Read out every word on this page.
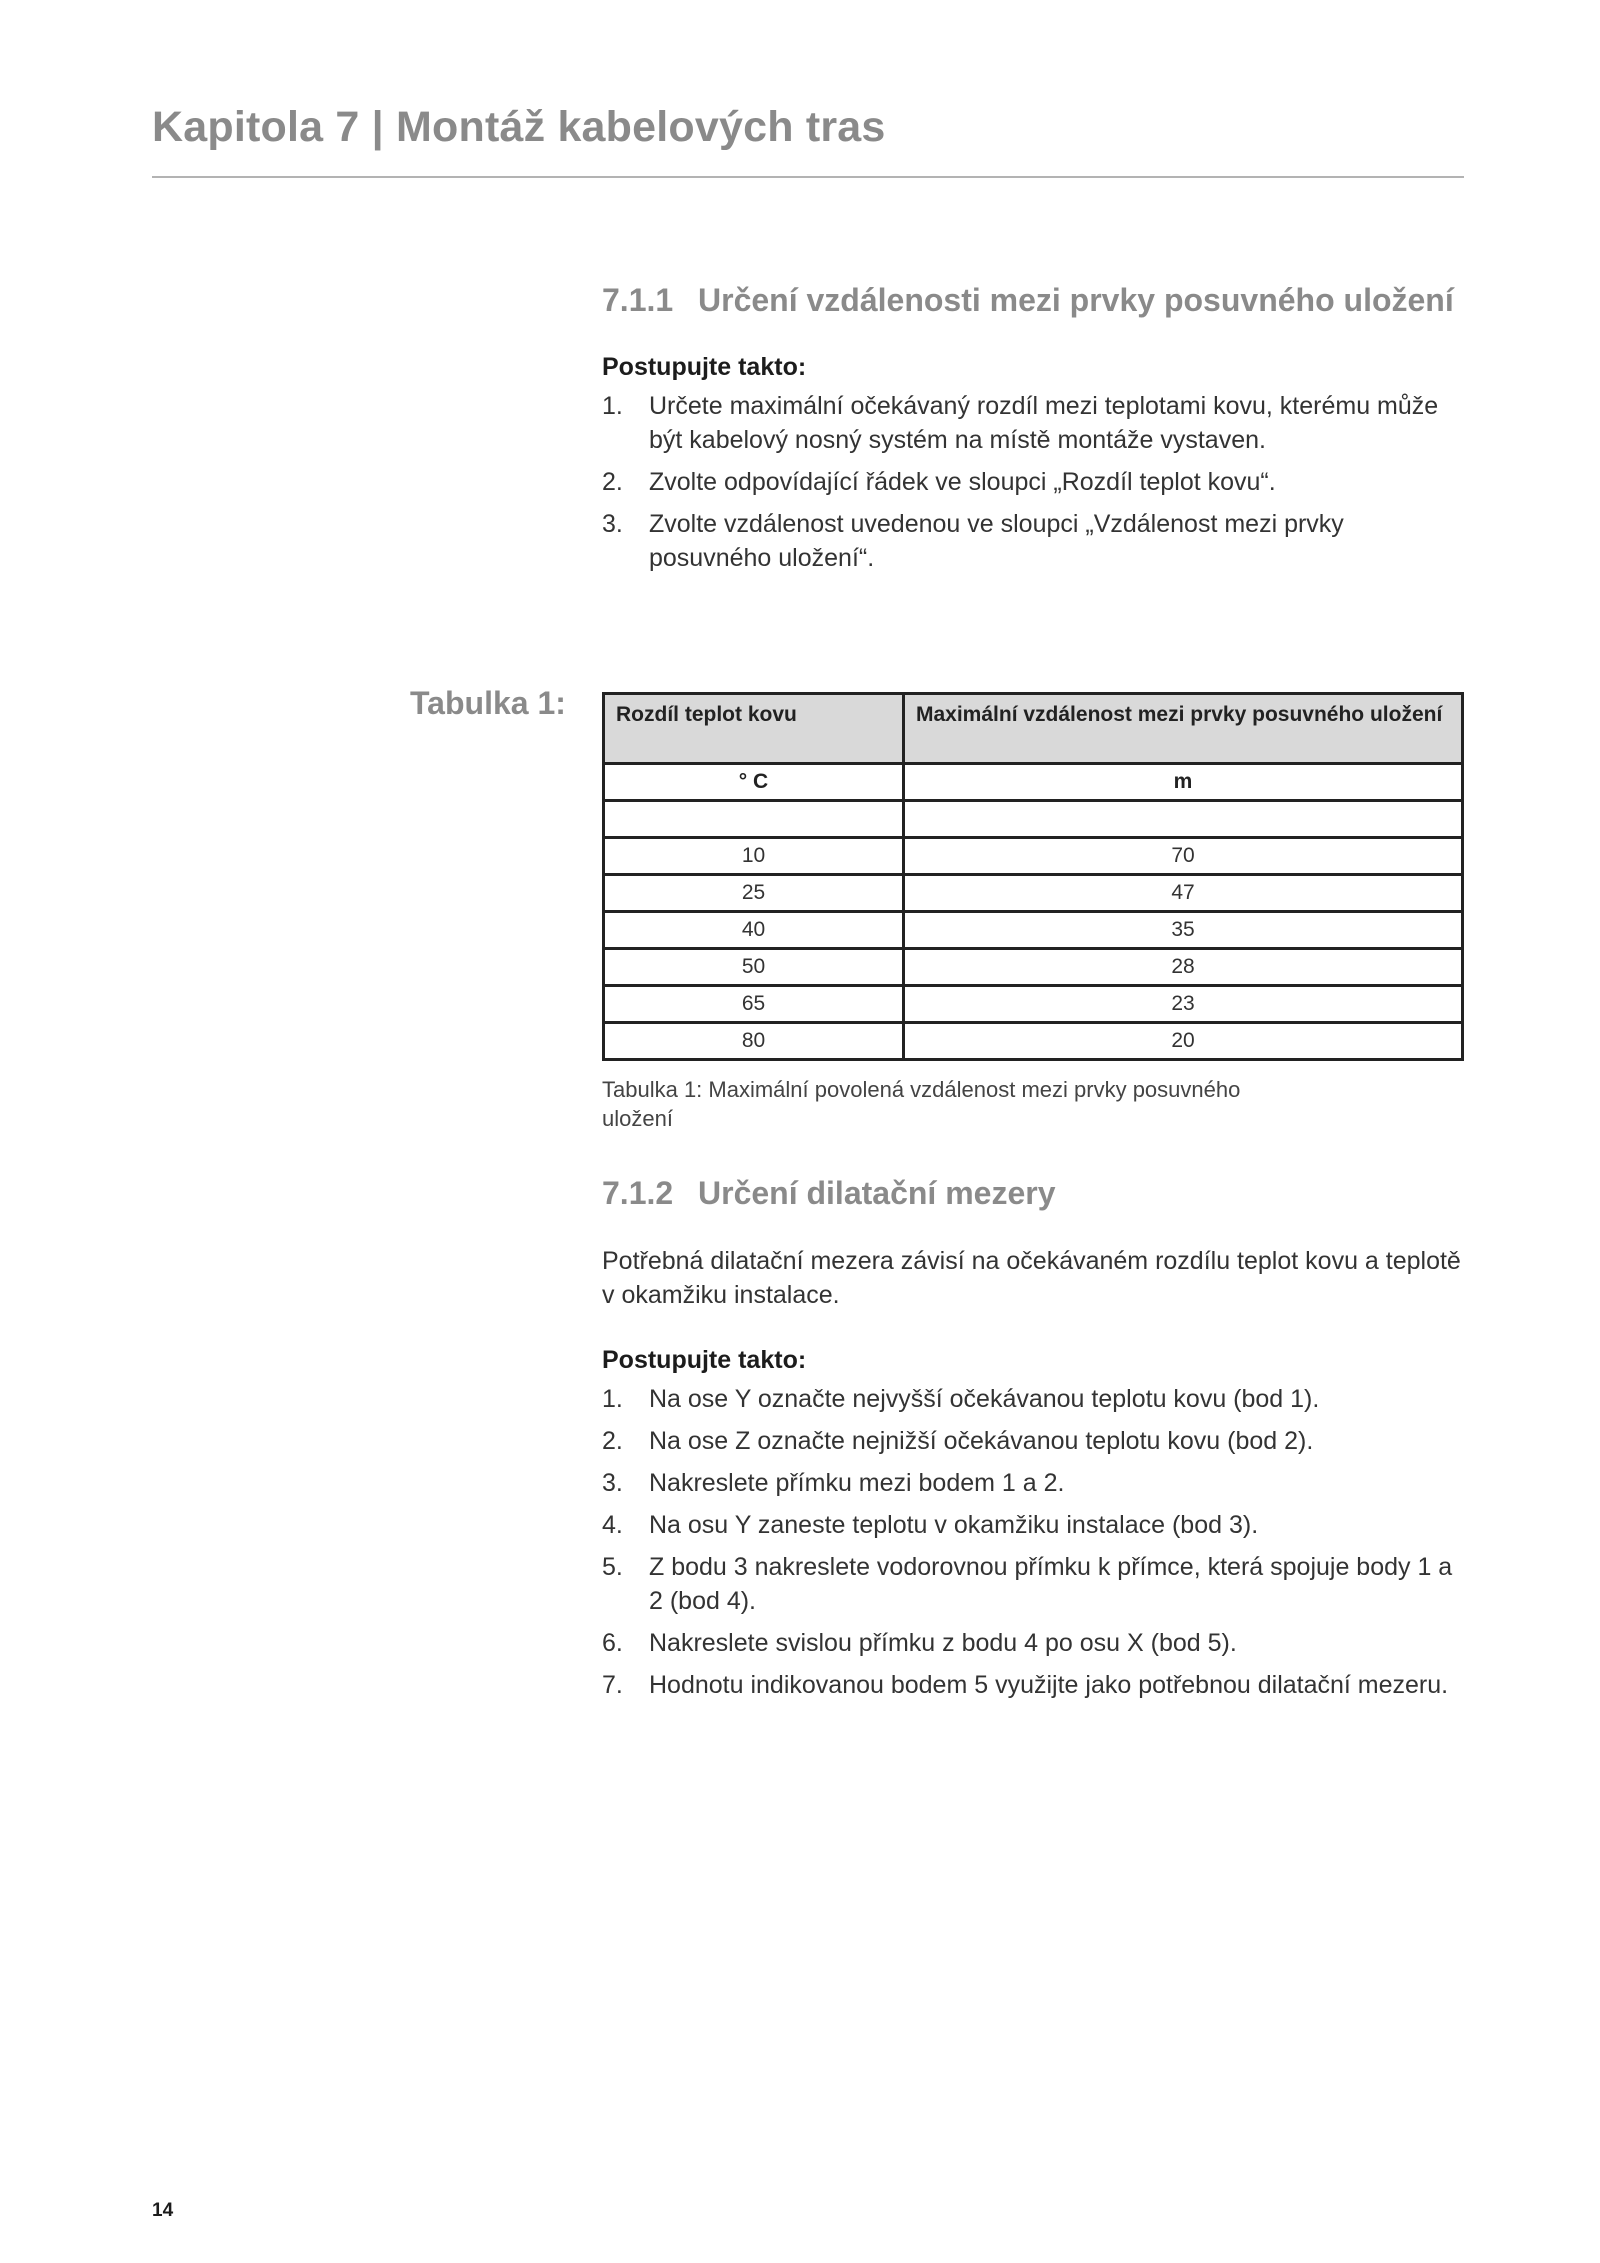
Kapitola 7 | Montáž kabelových tras
7.1.1 Určení vzdálenosti mezi prvky posuvného uložení

Postupujte takto:

1. Určete maximální očekávaný rozdíl mezi teplotami kovu, kterému může být kabelový nosný systém na místě montáže vystaven.
2. Zvolte odpovídající řádek ve sloupci „Rozdíl teplot kovu“.
3. Zvolte vzdálenost uvedenou ve sloupci „Vzdálenost mezi prvky posuvného uložení“.

Tabulka 1: Rozdíl teplot kovu	Maximální vzdálenost mezi prvky posuvného uložení
° C	m

10	70
25	47
40	35
50	28
65	23
80	20

Tabulka 1: Maximální povolená vzdálenost mezi prvky posuvného uložení

7.1.2 Určení dilatační mezery

Potřebná dilatační mezera závisí na očekávaném rozdílu teplot kovu a teplotě v okamžiku instalace.

Postupujte takto:

1. Na ose Y označte nejvyšší očekávanou teplotu kovu (bod 1).
2. Na ose Z označte nejnižší očekávanou teplotu kovu (bod 2).
3. Nakreslete přímku mezi bodem 1 a 2.
4. Na osu Y zaneste teplotu v okamžiku instalace (bod 3).
5. Z bodu 3 nakreslete vodorovnou přímku k přímce, která spojuje body 1 a 2 (bod 4).
6. Nakreslete svislou přímku z bodu 4 po osu X (bod 5).
7. Hodnotu indikovanou bodem 5 využijte jako potřebnou dilatační mezeru.

14
